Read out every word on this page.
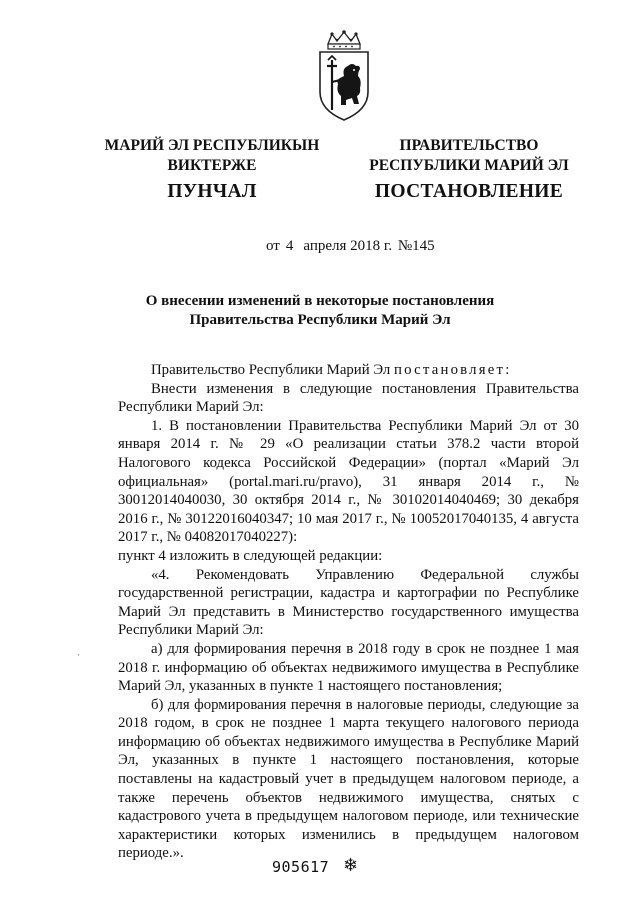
МАРИЙ ЭЛ РЕСПУБЛИКЫН
ВИКТЕРЖЕ
ПУНЧАЛ
ПРАВИТЕЛЬСТВО
РЕСПУБЛИКИ МАРИЙ ЭЛ
ПОСТАНОВЛЕНИЕ
от 4 апреля 2018 г. №145
О внесении изменений в некоторые постановления
Правительства Республики Марий Эл

Правительство Республики Марий Эл постановляет:

Внести изменения в следующие постановления Правительства Республики Марий Эл:

1. В постановлении Правительства Республики Марий Эл от 30 января 2014 г. № 29 «О реализации статьи 378.2 части второй Налогового кодекса Российской Федерации» (портал «Марий Эл официальная» (portal.mari.ru/pravo), 31 января 2014 г., № 30012014040030, 30 октября 2014 г., № 30102014040469; 30 декабря 2016 г., № 30122016040347; 10 мая 2017 г., № 10052017040135, 4 августа 2017 г., № 04082017040227):

пункт 4 изложить в следующей редакции:

«4. Рекомендовать Управлению Федеральной службы государственной регистрации, кадастра и картографии по Республике Марий Эл представить в Министерство государственного имущества Республики Марий Эл:

а) для формирования перечня в 2018 году в срок не позднее 1 мая 2018 г. информацию об объектах недвижимого имущества в Республике Марий Эл, указанных в пункте 1 настоящего постановления;

б) для формирования перечня в налоговые периоды, следующие за 2018 годом, в срок не позднее 1 марта текущего налогового периода информацию об объектах недвижимого имущества в Республике Марий Эл, указанных в пункте 1 настоящего постановления, которые поставлены на кадастровый учет в предыдущем налоговом периоде, а также перечень объектов недвижимого имущества, снятых с кадастрового учета в предыдущем налоговом периоде, или технические характеристики которых изменились в предыдущем налоговом периоде.».

·
905617 ❄
